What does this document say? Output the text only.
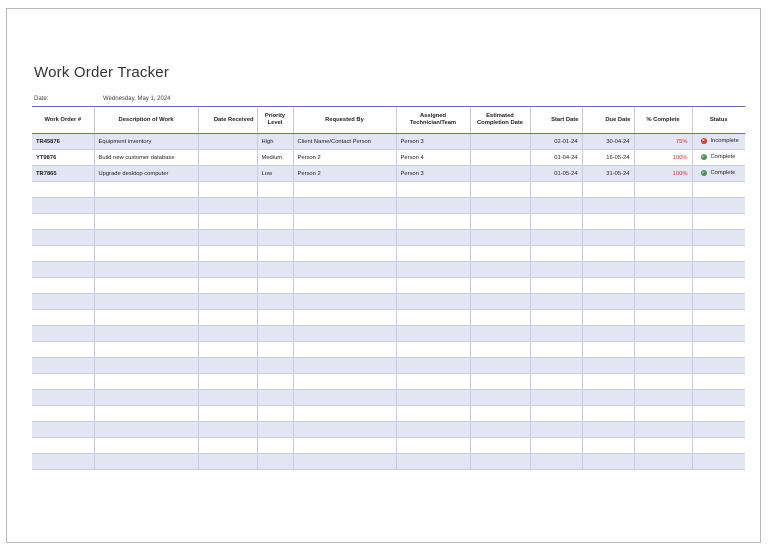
Work Order Tracker
Date:	Wednesday, May 1, 2024
Work Order #	Description of Work	Date Received	Priority Level	Requested By	Assigned Technician/Team	Estimated Completion Date	Start Date	Due Date	% Complete	Status
TR45876	Equipment inventory		High	Client Name/Contact Person	Person 3		02-01-24	30-04-24	75%	×Incomplete
YT9876	Build new customer database		Medium	Person 2	Person 4		01-04-24	16-05-24	100%	✓Complete
TR7865	Upgrade desktop computer		Low	Person 2	Person 3		01-05-24	31-05-24	100%	✓Complete
